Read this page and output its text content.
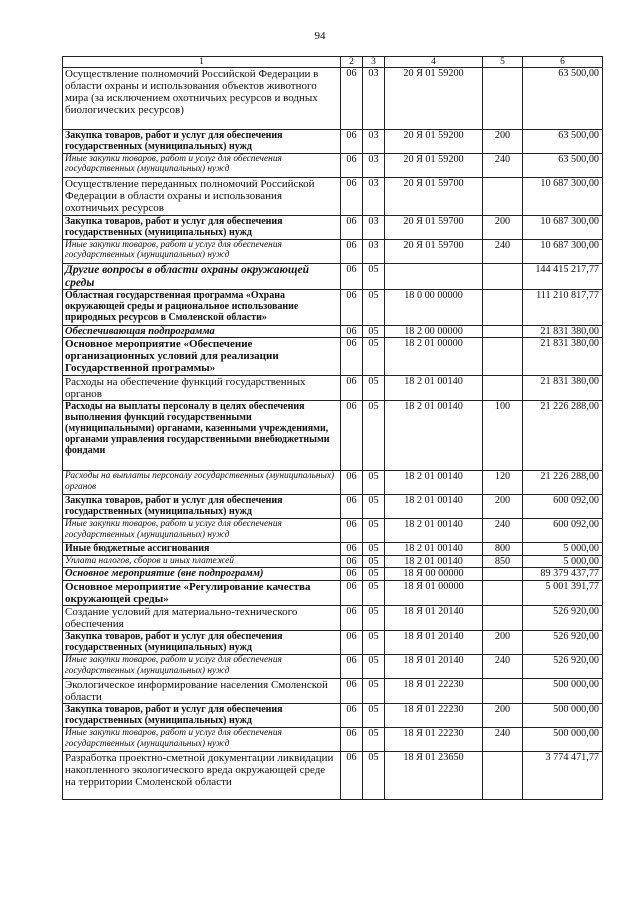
94
1	2	3	4	5	6
Осуществление полномочий Российской Федерации в области охраны и использования объектов животного мира (за исключением охотничьих ресурсов и водных биологических ресурсов)	06	03	20 Я 01 59200		63 500,00
Закупка товаров, работ и услуг для обеспечения государственных (муниципальных) нужд	06	03	20 Я 01 59200	200	63 500,00
Иные закупки товаров, работ и услуг для обеспечения государственных (муниципальных) нужд	06	03	20 Я 01 59200	240	63 500,00
Осуществление переданных полномочий Российской Федерации в области охраны и использования охотничьих ресурсов	06	03	20 Я 01 59700		10 687 300,00
Закупка товаров, работ и услуг для обеспечения государственных (муниципальных) нужд	06	03	20 Я 01 59700	200	10 687 300,00
Иные закупки товаров, работ и услуг для обеспечения государственных (муниципальных) нужд	06	03	20 Я 01 59700	240	10 687 300,00
Другие вопросы в области охраны окружающей среды	06	05			144 415 217,77
Областная государственная программа «Охрана окружающей среды и рациональное использование природных ресурсов в Смоленской области»	06	05	18 0 00 00000		111 210 817,77
Обеспечивающая подпрограмма	06	05	18 2 00 00000		21 831 380,00
Основное мероприятие «Обеспечение организационных условий для реализации Государственной программы»	06	05	18 2 01 00000		21 831 380,00
Расходы на обеспечение функций государственных органов	06	05	18 2 01 00140		21 831 380,00
Расходы на выплаты персоналу в целях обеспечения выполнения функций государственными (муниципальными) органами, казенными учреждениями, органами управления государственными внебюджетными фондами	06	05	18 2 01 00140	100	21 226 288,00
Расходы на выплаты персоналу государственных (муниципальных) органов	06	05	18 2 01 00140	120	21 226 288,00
Закупка товаров, работ и услуг для обеспечения государственных (муниципальных) нужд	06	05	18 2 01 00140	200	600 092,00
Иные закупки товаров, работ и услуг для обеспечения государственных (муниципальных) нужд	06	05	18 2 01 00140	240	600 092,00
Иные бюджетные ассигнования	06	05	18 2 01 00140	800	5 000,00
Уплата налогов, сборов и иных платежей	06	05	18 2 01 00140	850	5 000,00
Основное мероприятие (вне подпрограмм)	06	05	18 Я 00 00000		89 379 437,77
Основное мероприятие «Регулирование качества окружающей среды»	06	05	18 Я 01 00000		5 001 391,77
Создание условий для материально-технического обеспечения	06	05	18 Я 01 20140		526 920,00
Закупка товаров, работ и услуг для обеспечения государственных (муниципальных) нужд	06	05	18 Я 01 20140	200	526 920,00
Иные закупки товаров, работ и услуг для обеспечения государственных (муниципальных) нужд	06	05	18 Я 01 20140	240	526 920,00
Экологическое информирование населения Смоленской области	06	05	18 Я 01 22230		500 000,00
Закупка товаров, работ и услуг для обеспечения государственных (муниципальных) нужд	06	05	18 Я 01 22230	200	500 000,00
Иные закупки товаров, работ и услуг для обеспечения государственных (муниципальных) нужд	06	05	18 Я 01 22230	240	500 000,00
Разработка проектно-сметной документации ликвидации накопленного экологического вреда окружающей среде на территории Смоленской области	06	05	18 Я 01 23650		3 774 471,77
